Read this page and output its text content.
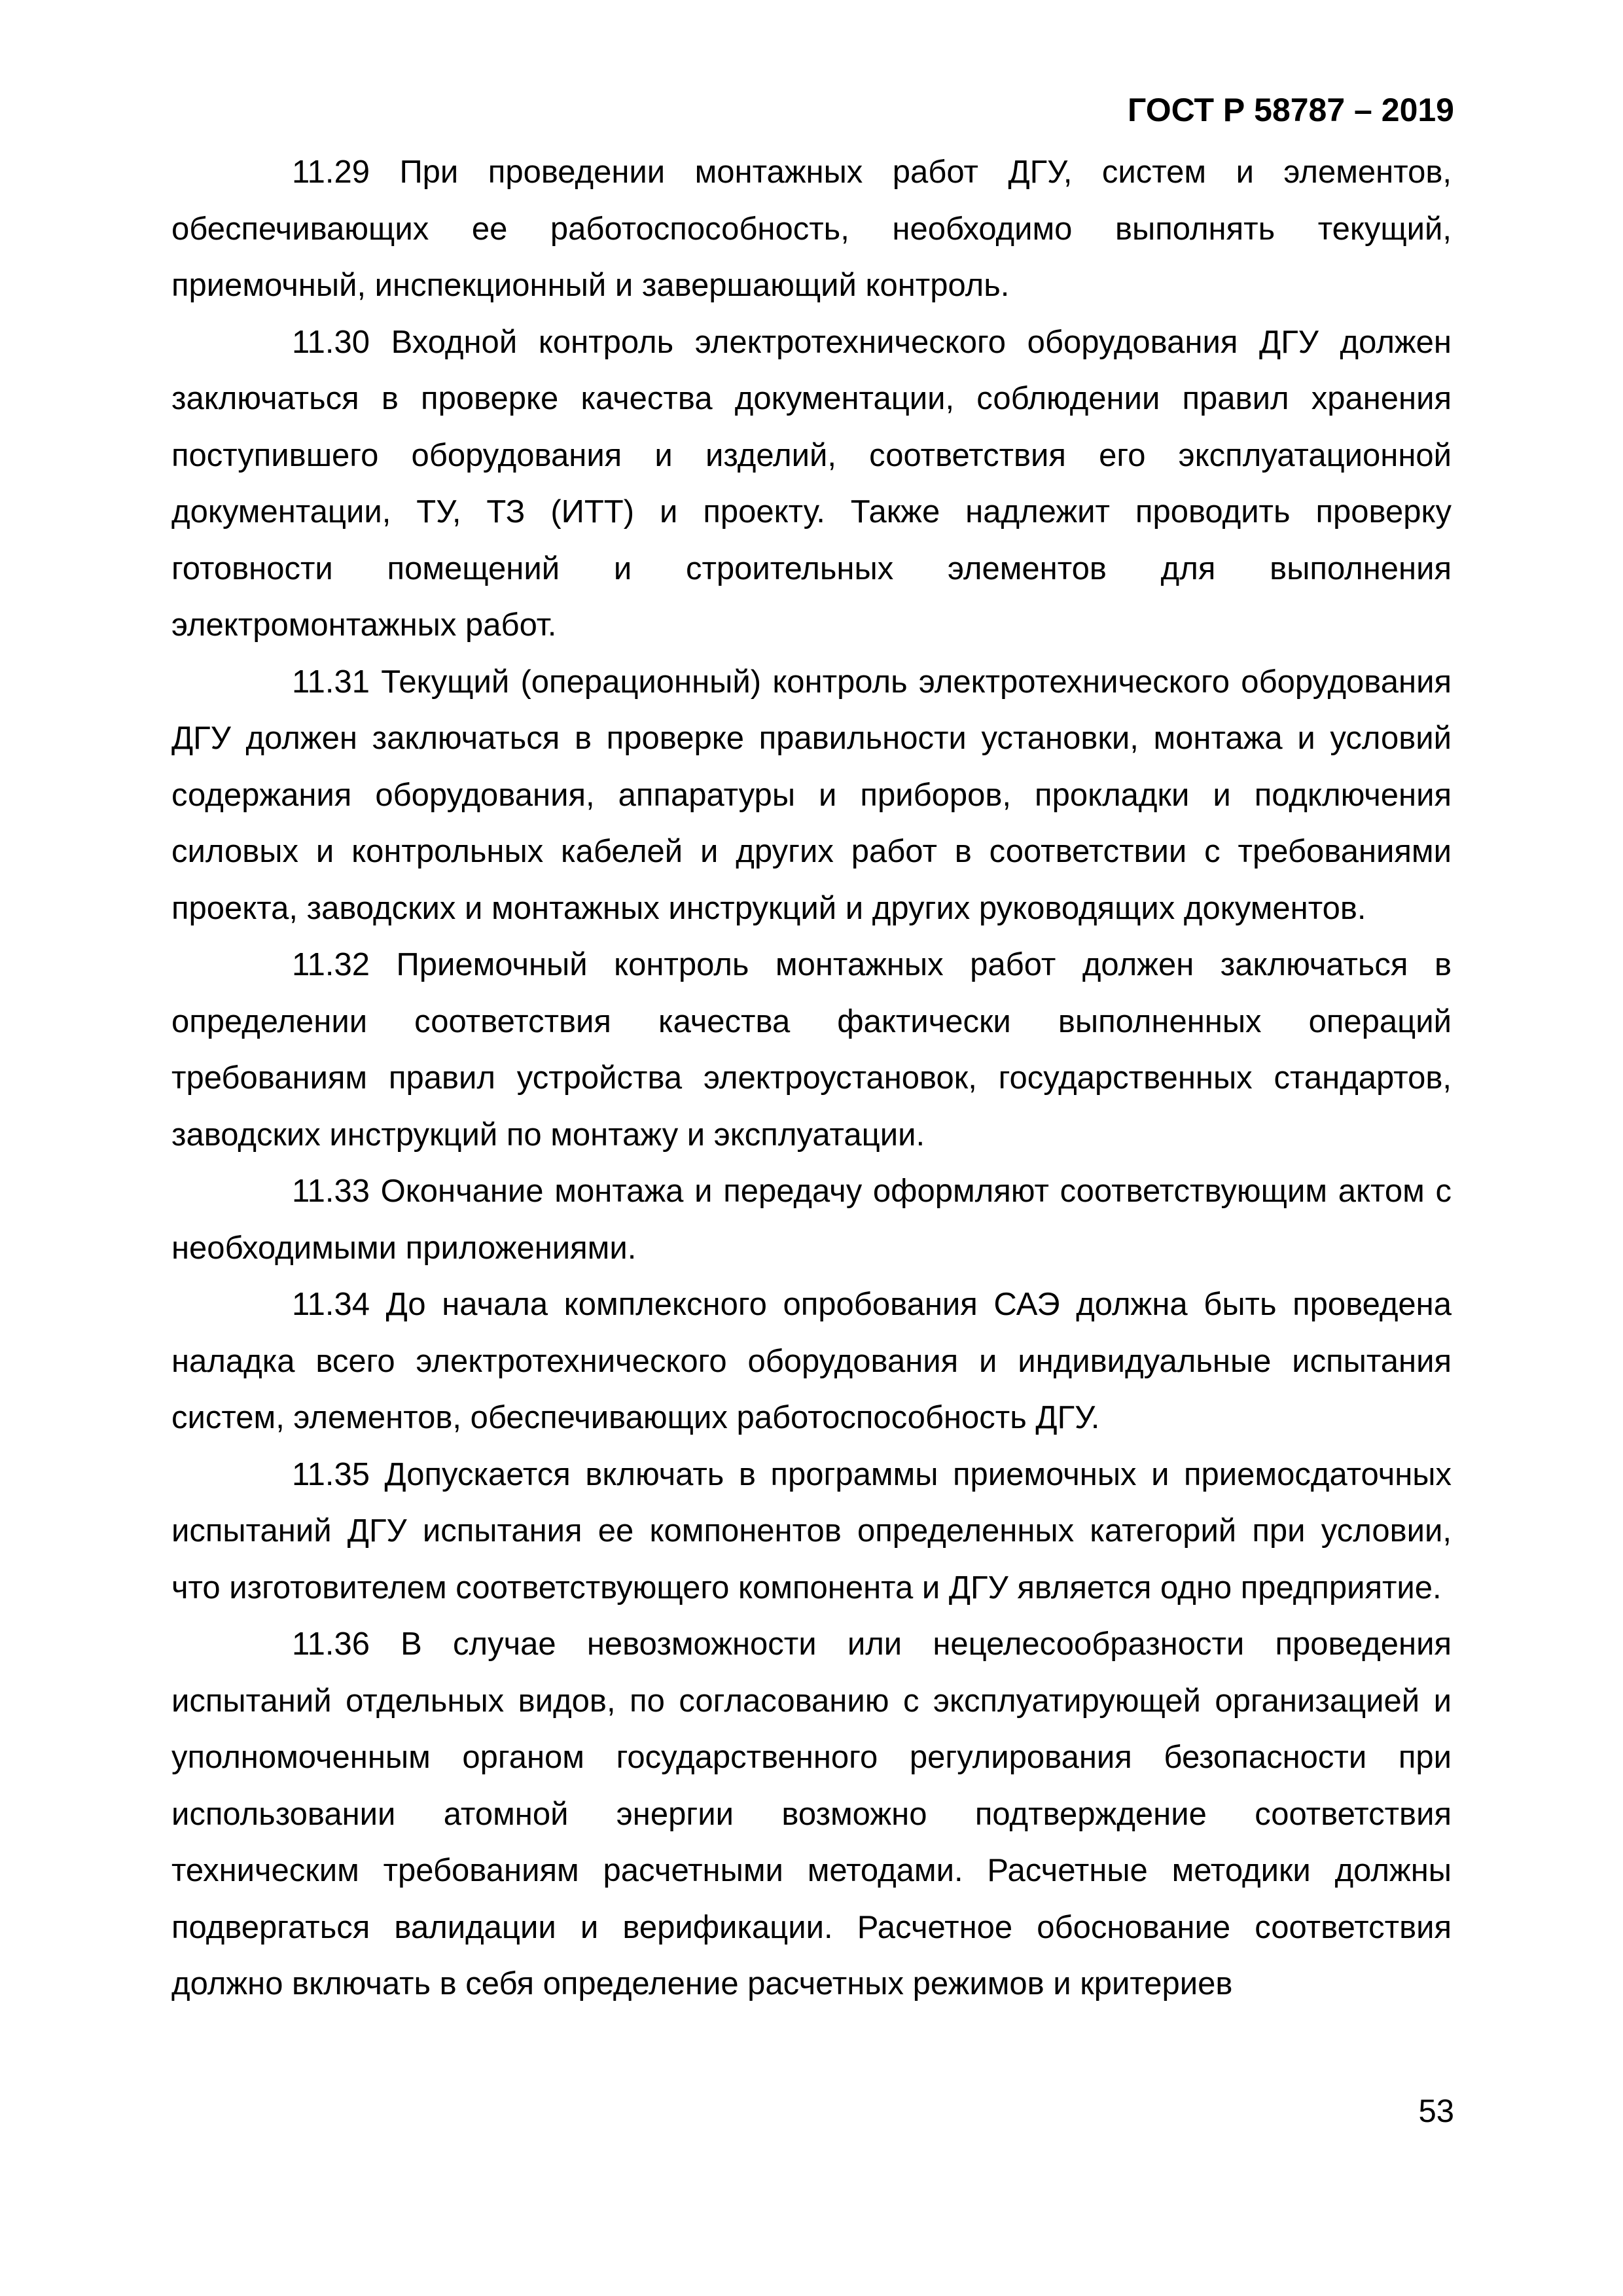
ГОСТ Р 58787 – 2019

11.29 При проведении монтажных работ ДГУ, систем и элементов, обеспечивающих ее работоспособность, необходимо выполнять текущий, приемочный, инспекционный и завершающий контроль.

11.30 Входной контроль электротехнического оборудования ДГУ должен заключаться в проверке качества документации, соблюдении правил хранения поступившего оборудования и изделий, соответствия его эксплуатационной документации, ТУ, ТЗ (ИТТ) и проекту. Также надлежит проводить проверку готовности помещений и строительных элементов для выполнения электромонтажных работ.

11.31 Текущий (операционный) контроль электротехнического оборудования ДГУ должен заключаться в проверке правильности установки, монтажа и условий содержания оборудования, аппаратуры и приборов, прокладки и подключения силовых и контрольных кабелей и других работ в соответствии с требованиями проекта, заводских и монтажных инструкций и других руководящих документов.

11.32 Приемочный контроль монтажных работ должен заключаться в определении соответствия качества фактически выполненных операций требованиям правил устройства электроустановок, государственных стандартов, заводских инструкций по монтажу и эксплуатации.

11.33 Окончание монтажа и передачу оформляют соответствующим актом с необходимыми приложениями.

11.34 До начала комплексного опробования САЭ должна быть проведена наладка всего электротехнического оборудования и индивидуальные испытания систем, элементов, обеспечивающих работоспособность ДГУ.

11.35 Допускается включать в программы приемочных и приемосдаточных испытаний ДГУ испытания ее компонентов определенных категорий при условии, что изготовителем соответствующего компонента и ДГУ является одно предприятие.

11.36 В случае невозможности или нецелесообразности проведения испытаний отдельных видов, по согласованию с эксплуатирующей организацией и уполномоченным органом государственного регулирования безопасности при использовании атомной энергии возможно подтверждение соответствия техническим требованиям расчетными методами. Расчетные методики должны подвергаться валидации и верификации. Расчетное обоснование соответствия должно включать в себя определение расчетных режимов и критериев

53
